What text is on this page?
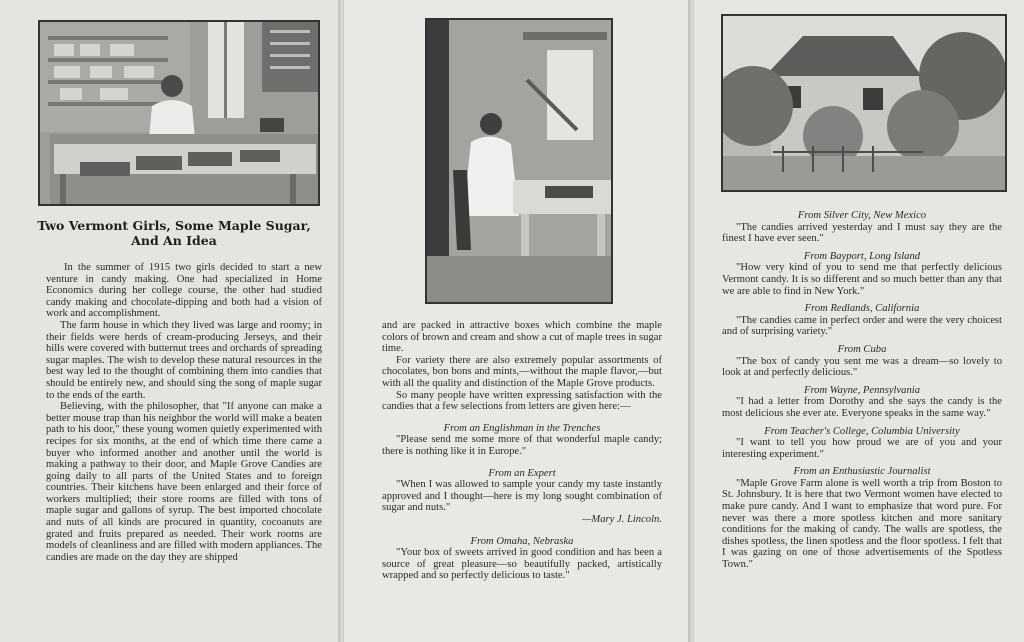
Two Vermont Girls, Some Maple Sugar,
And An Idea

In the summer of 1915 two girls decided to start a new venture in candy making. One had specialized in Home Economics during her college course, the other had studied candy making and chocolate-dipping and both had a vision of work and accomplishment.

The farm house in which they lived was large and roomy; in their fields were herds of cream-producing Jerseys, and their hills were covered with butternut trees and orchards of spreading sugar maples. The wish to develop these natural resources in the best way led to the thought of combining them into candies that should be entirely new, and should sing the song of maple sugar to the ends of the earth.

Believing, with the philosopher, that "If anyone can make a better mouse trap than his neighbor the world will make a beaten path to his door," these young women quietly experimented with recipes for six months, at the end of which time there came a buyer who informed another and another until the world is making a pathway to their door, and Maple Grove Candies are going daily to all parts of the United States and to foreign countries. Their kitchens have been enlarged and their force of workers multiplied; their store rooms are filled with tons of maple sugar and gallons of syrup. The best imported chocolate and nuts of all kinds are procured in quantity, cocoanuts are grated and fruits prepared as needed. Their work rooms are models of cleanliness and are filled with modern appliances. The candies are made on the day they are shipped

and are packed in attractive boxes which combine the maple colors of brown and cream and show a cut of maple trees in sugar time.

For variety there are also extremely popular assortments of chocolates, bon bons and mints,—without the maple flavor,—but with all the quality and distinction of the Maple Grove products.

So many people have written expressing satisfaction with the candies that a few selections from letters are given here:—

From an Englishman in the Trenches

"Please send me some more of that wonderful maple candy; there is nothing like it in Europe."

From an Expert

"When I was allowed to sample your candy my taste instantly approved and I thought—here is my long sought combination of sugar and nuts."

—Mary J. Lincoln.
From Omaha, Nebraska

"Your box of sweets arrived in good condition and has been a source of great pleasure—so beautifully packed, artistically wrapped and so perfectly delicious to taste."

From Silver City, New Mexico

"The candies arrived yesterday and I must say they are the finest I have ever seen."

From Bayport, Long Island

"How very kind of you to send me that perfectly delicious Vermont candy. It is so different and so much better than any that we are able to find in New York."

From Redlands, California

"The candies came in perfect order and were the very choicest and of surprising variety."

From Cuba

"The box of candy you sent me was a dream—so lovely to look at and perfectly delicious."

From Wayne, Pennsylvania

"I had a letter from Dorothy and she says the candy is the most delicious she ever ate. Everyone speaks in the same way."

From Teacher's College, Columbia University

"I want to tell you how proud we are of you and your interesting experiment."

From an Enthusiastic Journalist

"Maple Grove Farm alone is well worth a trip from Boston to St. Johnsbury. It is here that two Vermont women have elected to make pure candy. And I want to emphasize that word pure. For never was there a more spotless kitchen and more sanitary conditions for the making of candy. The walls are spotless, the dishes spotless, the linen spotless and the floor spotless. I felt that I was gazing on one of those advertisements of the Spotless Town."
